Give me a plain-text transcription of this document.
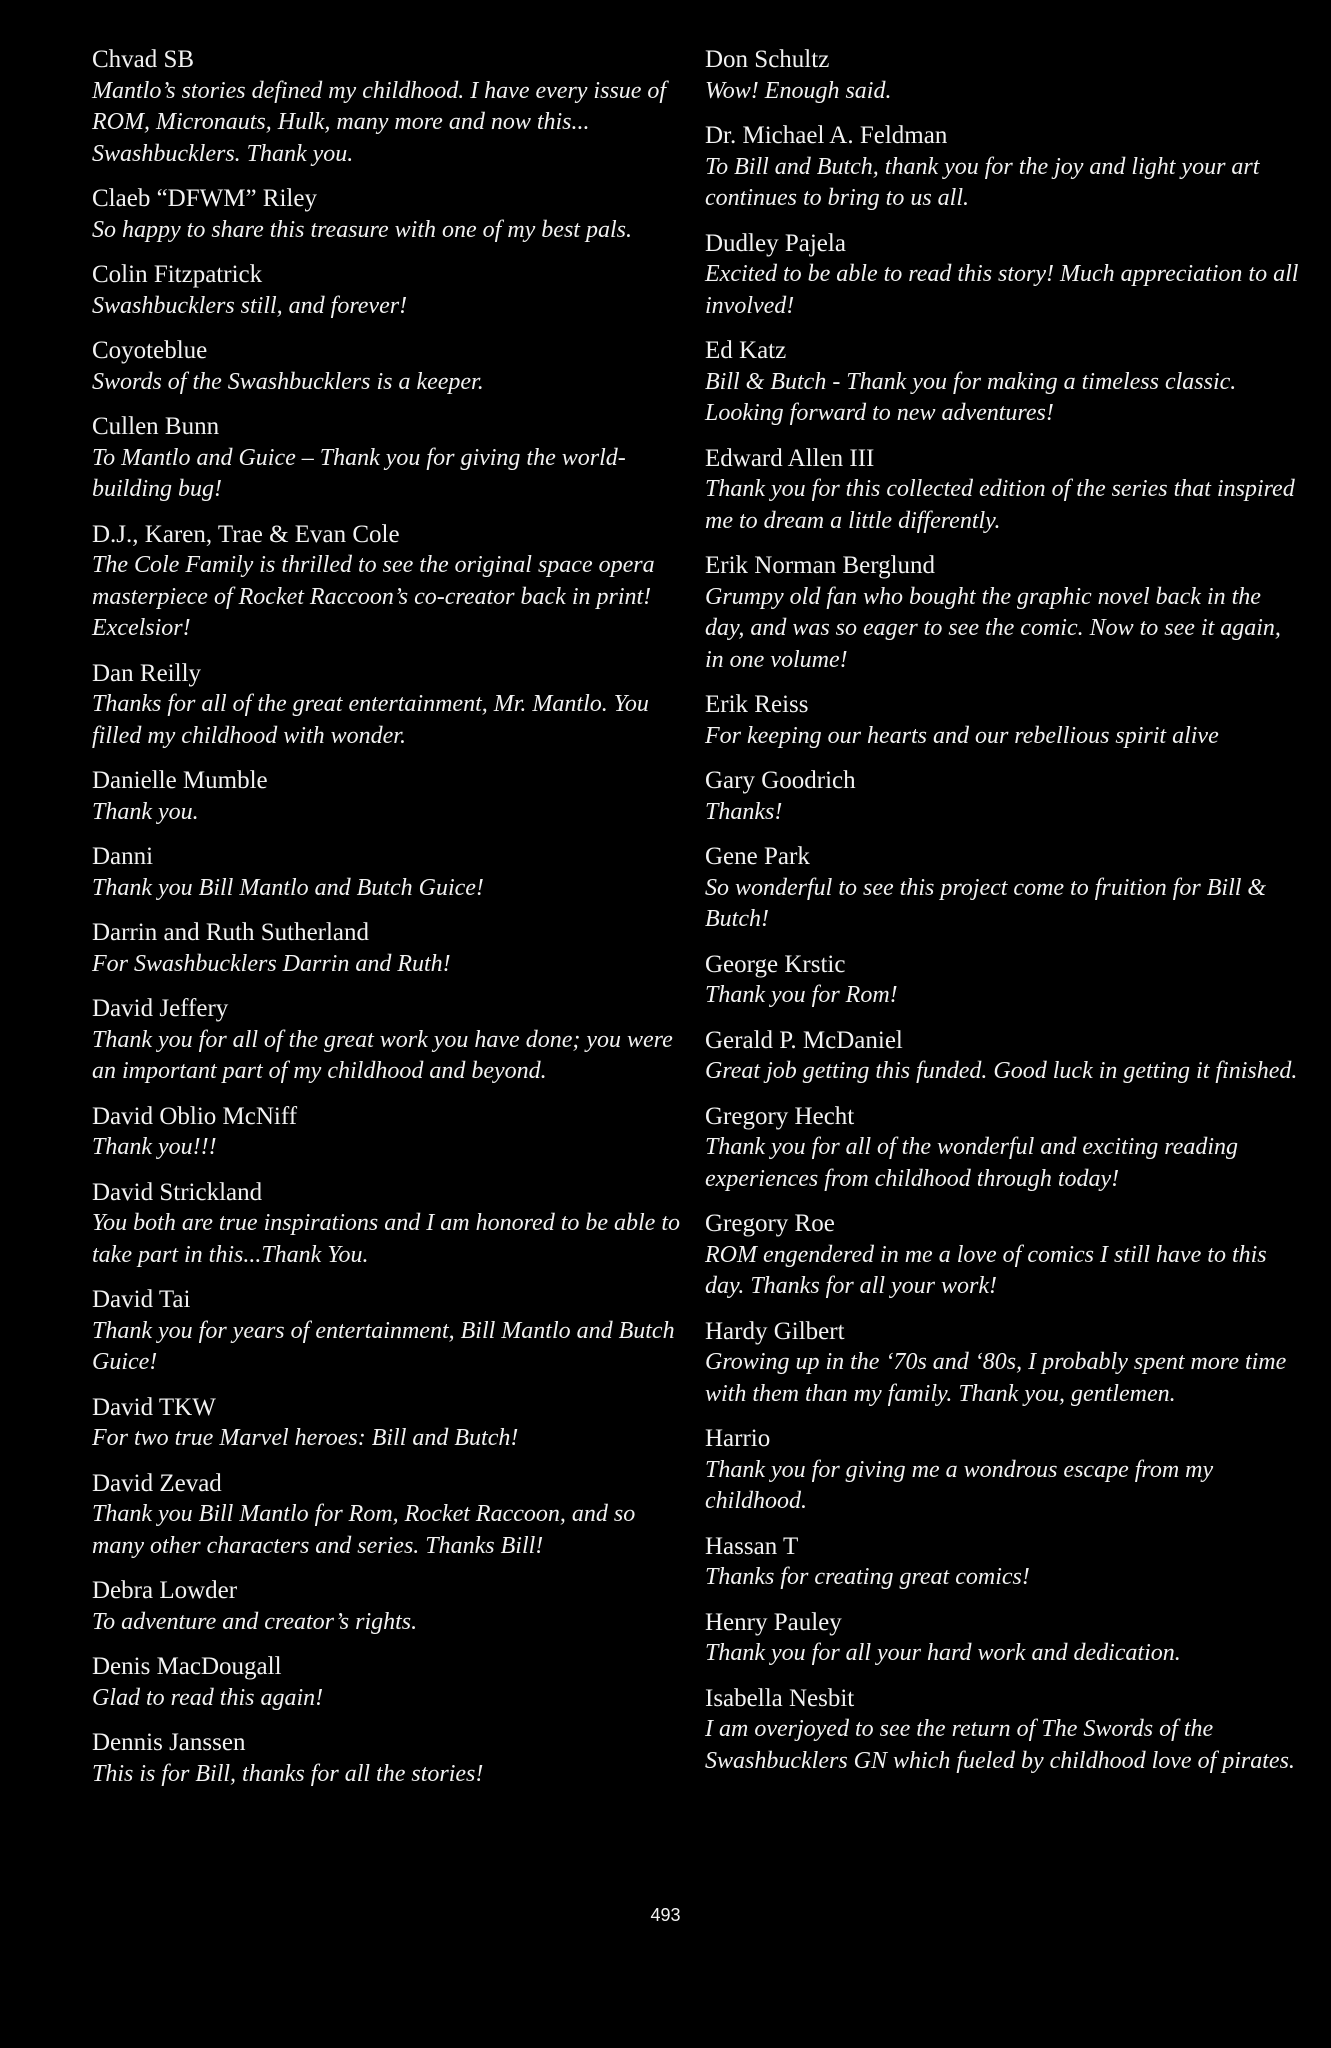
Chvad SB
Mantlo’s stories defined my childhood. I have every issue of ROM, Micronauts, Hulk, many more and now this... Swashbucklers. Thank you.
Claeb “DFWM” Riley
So happy to share this treasure with one of my best pals.
Colin Fitzpatrick
Swashbucklers still, and forever!
Coyoteblue
Swords of the Swashbucklers is a keeper.
Cullen Bunn
To Mantlo and Guice – Thank you for giving the world-building bug!
D.J., Karen, Trae & Evan Cole
The Cole Family is thrilled to see the original space opera masterpiece of Rocket Raccoon’s co-creator back in print! Excelsior!
Dan Reilly
Thanks for all of the great entertainment, Mr. Mantlo. You filled my childhood with wonder.
Danielle Mumble
Thank you.
Danni
Thank you Bill Mantlo and Butch Guice!
Darrin and Ruth Sutherland
For Swashbucklers Darrin and Ruth!
David Jeffery
Thank you for all of the great work you have done; you were an important part of my childhood and beyond.
David Oblio McNiff
Thank you!!!
David Strickland
You both are true inspirations and I am honored to be able to take part in this...Thank You.
David Tai
Thank you for years of entertainment, Bill Mantlo and Butch Guice!
David TKW
For two true Marvel heroes: Bill and Butch!
David Zevad
Thank you Bill Mantlo for Rom, Rocket Raccoon, and so many other characters and series. Thanks Bill!
Debra Lowder
To adventure and creator’s rights.
Denis MacDougall
Glad to read this again!
Dennis Janssen
This is for Bill, thanks for all the stories!
Don Schultz
Wow! Enough said.
Dr. Michael A. Feldman
To Bill and Butch, thank you for the joy and light your art continues to bring to us all.
Dudley Pajela
Excited to be able to read this story! Much appreciation to all involved!
Ed Katz
Bill & Butch - Thank you for making a timeless classic. Looking forward to new adventures!
Edward Allen III
Thank you for this collected edition of the series that inspired me to dream a little differently.
Erik Norman Berglund
Grumpy old fan who bought the graphic novel back in the day, and was so eager to see the comic. Now to see it again, in one volume!
Erik Reiss
For keeping our hearts and our rebellious spirit alive
Gary Goodrich
Thanks!
Gene Park
So wonderful to see this project come to fruition for Bill & Butch!
George Krstic
Thank you for Rom!
Gerald P. McDaniel
Great job getting this funded. Good luck in getting it finished.
Gregory Hecht
Thank you for all of the wonderful and exciting reading experiences from childhood through today!
Gregory Roe
ROM engendered in me a love of comics I still have to this day. Thanks for all your work!
Hardy Gilbert
Growing up in the ‘70s and ‘80s, I probably spent more time with them than my family. Thank you, gentlemen.
Harrio
Thank you for giving me a wondrous escape from my childhood.
Hassan T
Thanks for creating great comics!
Henry Pauley
Thank you for all your hard work and dedication.
Isabella Nesbit
I am overjoyed to see the return of The Swords of the Swashbucklers GN which fueled by childhood love of pirates.
493
